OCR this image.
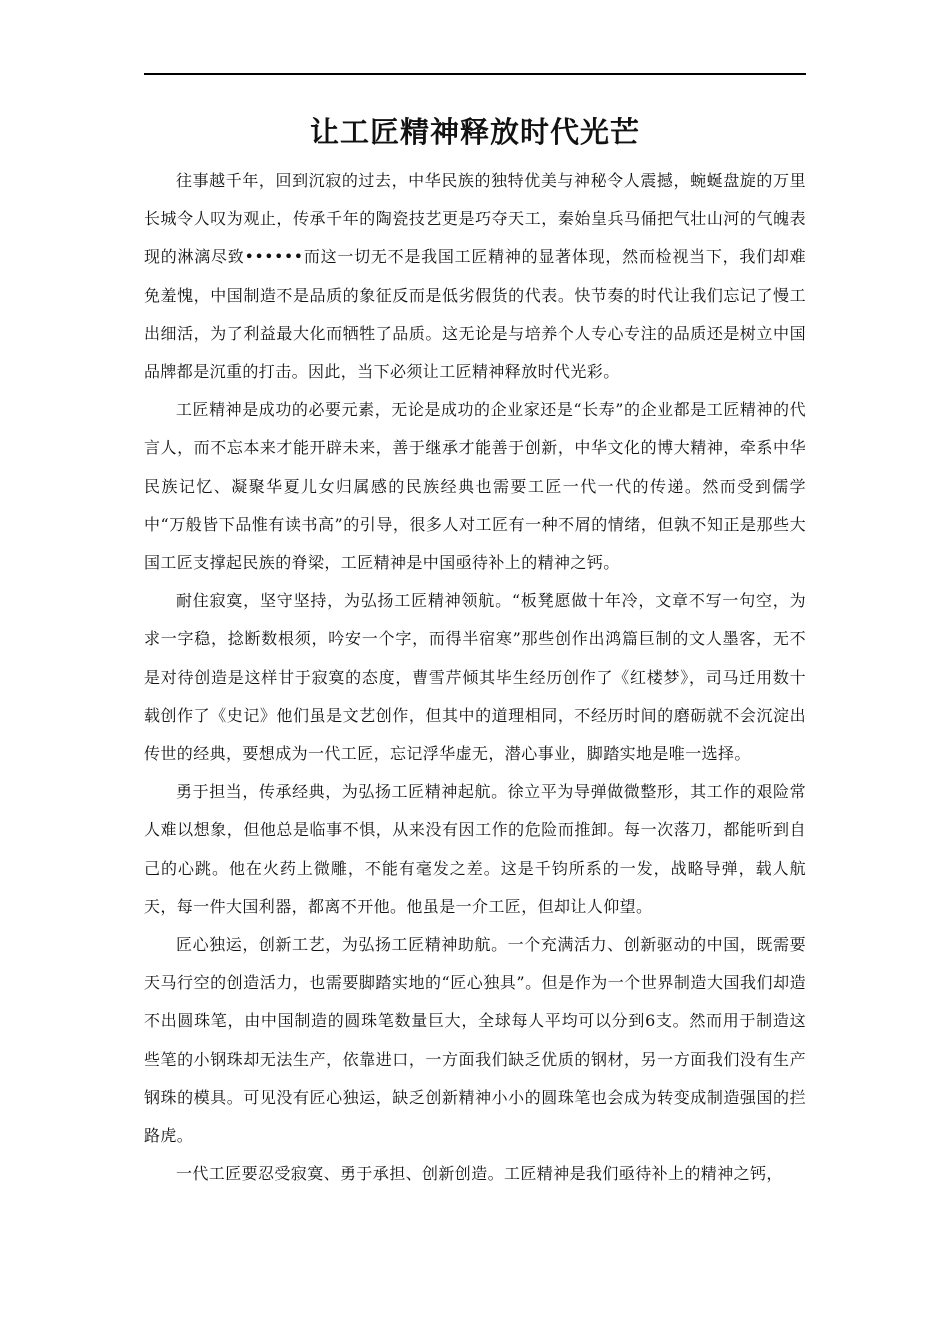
让工匠精神释放时代光芒

往事越千年，回到沉寂的过去，中华民族的独特优美与神秘令人震撼，蜿蜒盘旋的万里长城令人叹为观止，传承千年的陶瓷技艺更是巧夺天工，秦始皇兵马俑把气壮山河的气魄表现的淋漓尽致••••••而这一切无不是我国工匠精神的显著体现，然而检视当下，我们却难免羞愧，中国制造不是品质的象征反而是低劣假货的代表。快节奏的时代让我们忘记了慢工出细活，为了利益最大化而牺牲了品质。这无论是与培养个人专心专注的品质还是树立中国品牌都是沉重的打击。因此，当下必须让工匠精神释放时代光彩。

工匠精神是成功的必要元素，无论是成功的企业家还是“长寿”的企业都是工匠精神的代言人，而不忘本来才能开辟未来，善于继承才能善于创新，中华文化的博大精神，牵系中华民族记忆、凝聚华夏儿女归属感的民族经典也需要工匠一代一代的传递。然而受到儒学中“万般皆下品惟有读书高”的引导，很多人对工匠有一种不屑的情绪，但孰不知正是那些大国工匠支撑起民族的脊梁，工匠精神是中国亟待补上的精神之钙。

耐住寂寞，坚守坚持，为弘扬工匠精神领航。“板凳愿做十年冷，文章不写一句空，为求一字稳，捻断数根须，吟安一个字，而得半宿寒”那些创作出鸿篇巨制的文人墨客，无不是对待创造是这样甘于寂寞的态度，曹雪芹倾其毕生经历创作了《红楼梦》，司马迁用数十载创作了《史记》他们虽是文艺创作，但其中的道理相同，不经历时间的磨砺就不会沉淀出传世的经典，要想成为一代工匠，忘记浮华虚无，潜心事业，脚踏实地是唯一选择。

勇于担当，传承经典，为弘扬工匠精神起航。徐立平为导弹做微整形，其工作的艰险常人难以想象，但他总是临事不惧，从来没有因工作的危险而推卸。每一次落刀，都能听到自己的心跳。他在火药上微雕，不能有毫发之差。这是千钧所系的一发，战略导弹，载人航天，每一件大国利器，都离不开他。他虽是一介工匠，但却让人仰望。

匠心独运，创新工艺，为弘扬工匠精神助航。一个充满活力、创新驱动的中国，既需要天马行空的创造活力，也需要脚踏实地的“匠心独具”。但是作为一个世界制造大国我们却造不出圆珠笔，由中国制造的圆珠笔数量巨大，全球每人平均可以分到6支。然而用于制造这些笔的小钢珠却无法生产，依靠进口，一方面我们缺乏优质的钢材，另一方面我们没有生产钢珠的模具。可见没有匠心独运，缺乏创新精神小小的圆珠笔也会成为转变成制造强国的拦路虎。

一代工匠要忍受寂寞、勇于承担、创新创造。工匠精神是我们亟待补上的精神之钙，
